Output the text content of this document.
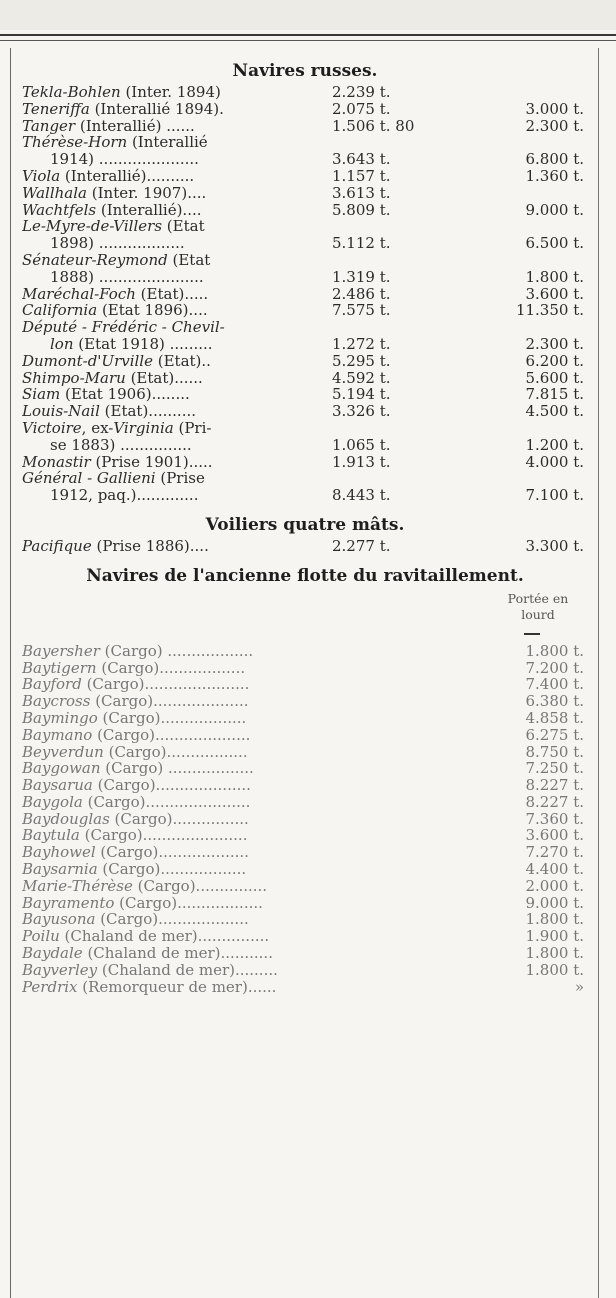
Navires russes.
Tekla-Bohlen (Inter. 1894)	2.239 t.
Teneriffa (Interallié 1894).	2.075 t.	3.000 t.
Tanger (Interallié) ......	1.506 t. 80	2.300 t.
Thérèse-Horn (Interallié
1914) .....................	3.643 t.	6.800 t.
Viola (Interallié)..........	1.157 t.	1.360 t.
Wallhala (Inter. 1907)....	3.613 t.
Wachtfels (Interallié)....	5.809 t.	9.000 t.
Le-Myre-de-Villers (Etat
1898) ..................	5.112 t.	6.500 t.
Sénateur-Reymond (Etat
1888) ......................	1.319 t.	1.800 t.
Maréchal-Foch (Etat).....	2.486 t.	3.600 t.
California (Etat 1896)....	7.575 t.	11.350 t.
Député - Frédéric - Chevil-
lon (Etat 1918) .........	1.272 t.	2.300 t.
Dumont-d'Urville (Etat)..	5.295 t.	6.200 t.
Shimpo-Maru (Etat)......	4.592 t.	5.600 t.
Siam (Etat 1906)........	5.194 t.	7.815 t.
Louis-Nail (Etat)..........	3.326 t.	4.500 t.
Victoire, ex-Virginia (Pri-
se 1883) ...............	1.065 t.	1.200 t.
Monastir (Prise 1901).....	1.913 t.	4.000 t.
Général - Gallieni (Prise
1912, paq.).............	8.443 t.	7.100 t.
Voiliers quatre mâts.
Pacifique (Prise 1886)....	2.277 t.	3.300 t.
Navires de l'ancienne flotte du ravitaillement.
Portée en lourd
Bayersher (Cargo) ..................	1.800 t.
Baytigern (Cargo)..................	7.200 t.
Bayford (Cargo)......................	7.400 t.
Baycross (Cargo)....................	6.380 t.
Baymingo (Cargo)..................	4.858 t.
Baymano (Cargo)....................	6.275 t.
Beyverdun (Cargo).................	8.750 t.
Baygowan (Cargo) ..................	7.250 t.
Baysarua (Cargo)....................	8.227 t.
Baygola (Cargo)......................	8.227 t.
Baydouglas (Cargo)................	7.360 t.
Baytula (Cargo)......................	3.600 t.
Bayhowel (Cargo)...................	7.270 t.
Baysarnia (Cargo)..................	4.400 t.
Marie-Thérèse (Cargo)...............	2.000 t.
Bayramento (Cargo)..................	9.000 t.
Bayusona (Cargo)...................	1.800 t.
Poilu (Chaland de mer)...............	1.900 t.
Baydale (Chaland de mer)...........	1.800 t.
Bayverley (Chaland de mer).........	1.800 t.
Perdrix (Remorqueur de mer)......	»
